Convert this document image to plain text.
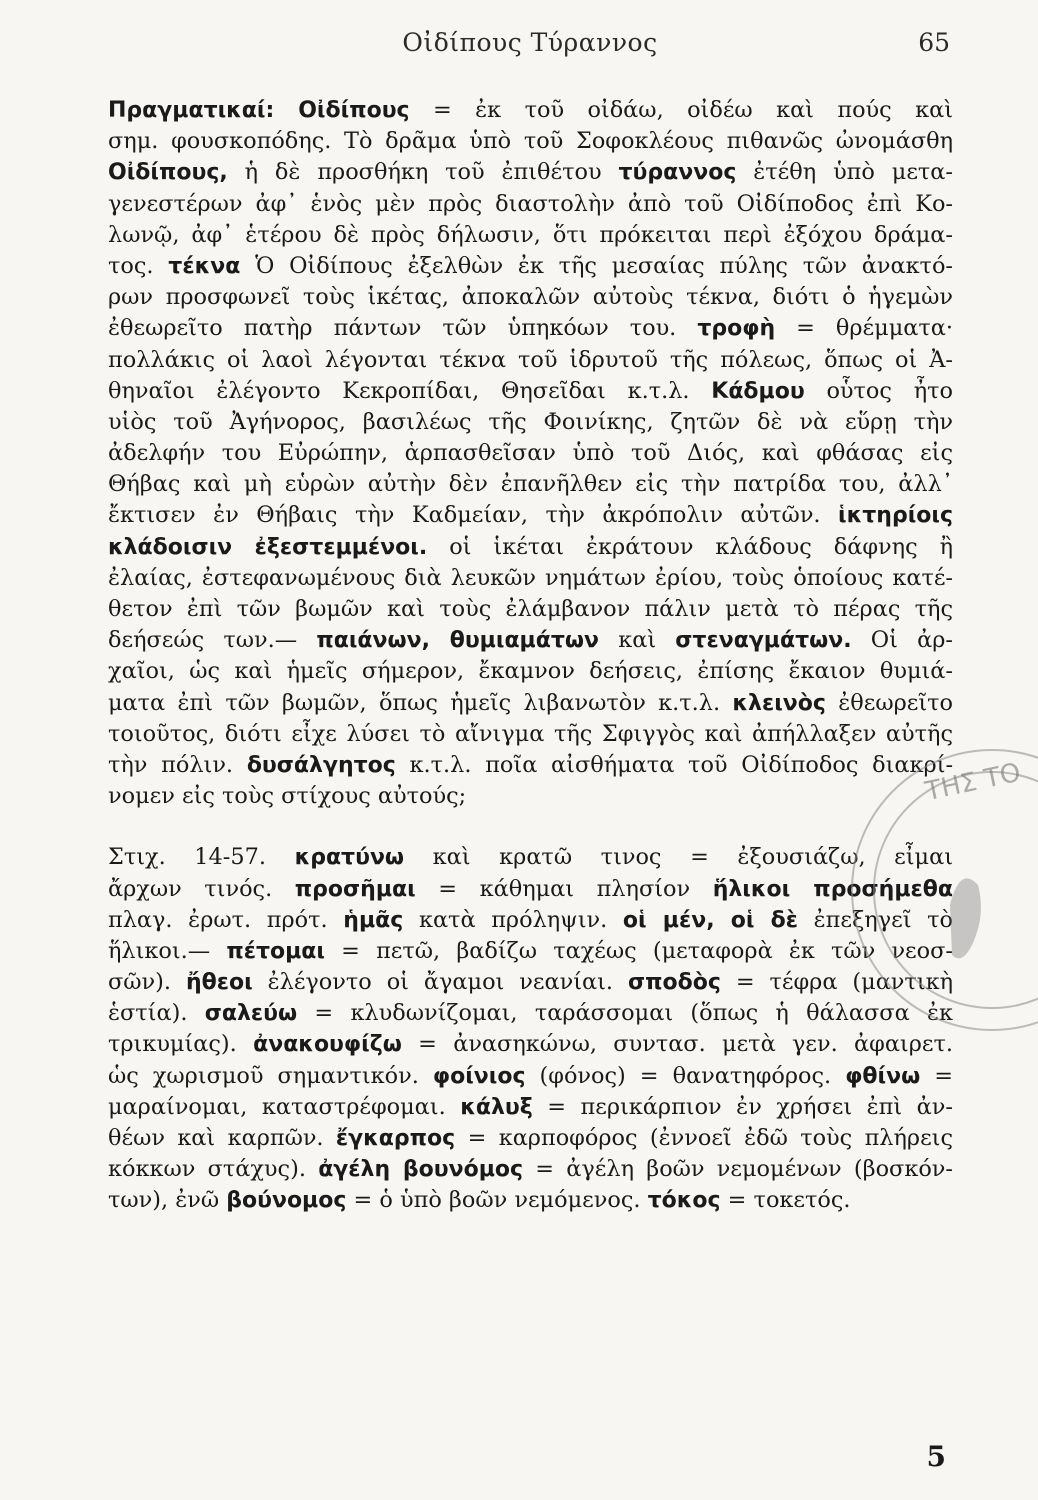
Οἰδίπους Τύραννος	65
Πραγματικαί: Οἰδίπους = ἐκ τοῦ οἰδάω, οἰδέω καὶ πούς καὶ
σημ. φουσκοπόδης. Τὸ δρᾶμα ὑπὸ τοῦ Σοφοκλέους πιθανῶς ὠνομάσθη
Οἰδίπους, ἡ δὲ προσθήκη τοῦ ἐπιθέτου τύραννος ἐτέθη ὑπὸ μετα-
γενεστέρων ἀφ᾽ ἑνὸς μὲν πρὸς διαστολὴν ἀπὸ τοῦ Οἰδίποδος ἐπὶ Κο-
λωνῷ, ἀφ᾽ ἑτέρου δὲ πρὸς δήλωσιν, ὅτι πρόκειται περὶ ἐξόχου δράμα-
τος. τέκνα Ὁ Οἰδίπους ἐξελθὼν ἐκ τῆς μεσαίας πύλης τῶν ἀνακτό-
ρων προσφωνεῖ τοὺς ἱκέτας, ἀποκαλῶν αὐτοὺς τέκνα, διότι ὁ ἡγεμὼν
ἐθεωρεῖτο πατὴρ πάντων τῶν ὑπηκόων του. τροφὴ = θρέμματα·
πολλάκις οἱ λαοὶ λέγονται τέκνα τοῦ ἱδρυτοῦ τῆς πόλεως, ὅπως οἱ Ἀ-
θηναῖοι ἐλέγοντο Κεκροπίδαι, Θησεῖδαι κ.τ.λ. Κάδμου οὗτος ἦτο
υἱὸς τοῦ Ἀγήνορος, βασιλέως τῆς Φοινίκης, ζητῶν δὲ νὰ εὕρῃ τὴν
ἀδελφήν του Εὐρώπην, ἁρπασθεῖσαν ὑπὸ τοῦ Διός, καὶ φθάσας εἰς
Θήβας καὶ μὴ εὑρὼν αὐτὴν δὲν ἐπανῆλθεν εἰς τὴν πατρίδα του, ἀλλ᾽
ἔκτισεν ἐν Θήβαις τὴν Καδμείαν, τὴν ἀκρόπολιν αὐτῶν. ἱκτηρίοις
κλάδοισιν ἐξεστεμμένοι. οἱ ἱκέται ἐκράτουν κλάδους δάφνης ἢ
ἐλαίας, ἐστεφανωμένους διὰ λευκῶν νημάτων ἐρίου, τοὺς ὁποίους κατέ-
θετον ἐπὶ τῶν βωμῶν καὶ τοὺς ἐλάμβανον πάλιν μετὰ τὸ πέρας τῆς
δεήσεώς των.— παιάνων, θυμιαμάτων καὶ στεναγμάτων. Οἱ ἀρ-
χαῖοι, ὡς καὶ ἡμεῖς σήμερον, ἔκαμνον δεήσεις, ἐπίσης ἔκαιον θυμιά-
ματα ἐπὶ τῶν βωμῶν, ὅπως ἡμεῖς λιβανωτὸν κ.τ.λ. κλεινὸς ἐθεωρεῖτο
τοιοῦτος, διότι εἶχε λύσει τὸ αἴνιγμα τῆς Σφιγγὸς καὶ ἀπήλλαξεν αὐτῆς
τὴν πόλιν. δυσάλγητος κ.τ.λ. ποῖα αἰσθήματα τοῦ Οἰδίποδος διακρί-
νομεν εἰς τοὺς στίχους αὐτούς;
Στιχ. 14-57. κρατύνω καὶ κρατῶ τινος = ἐξουσιάζω, εἶμαι
ἄρχων τινός. προσῆμαι = κάθημαι πλησίον ἥλικοι προσήμεθα
πλαγ. ἐρωτ. πρότ. ἡμᾶς κατὰ πρόληψιν. οἱ μέν, οἱ δὲ ἐπεξηγεῖ τὸ
ἥλικοι.— πέτομαι = πετῶ, βαδίζω ταχέως (μεταφορὰ ἐκ τῶν νεοσ-
σῶν). ἤθεοι ἐλέγοντο οἱ ἄγαμοι νεανίαι. σποδὸς = τέφρα (μαντικὴ
ἑστία). σαλεύω = κλυδωνίζομαι, ταράσσομαι (ὅπως ἡ θάλασσα ἐκ
τρικυμίας). ἀνακουφίζω = ἀνασηκώνω, συντασ. μετὰ γεν. ἀφαιρετ.
ὡς χωρισμοῦ σημαντικόν. φοίνιος (φόνος) = θανατηφόρος. φθίνω =
μαραίνομαι, καταστρέφομαι. κάλυξ = περικάρπιον ἐν χρήσει ἐπὶ ἀν-
θέων καὶ καρπῶν. ἔγκαρπος = καρποφόρος (ἐννοεῖ ἐδῶ τοὺς πλήρεις
κόκκων στάχυς). ἀγέλη βουνόμος = ἀγέλη βοῶν νεμομένων (βοσκόν-
των), ἐνῶ βούνομος = ὁ ὑπὸ βοῶν νεμόμενος. τόκος = τοκετός.
ΤΗΣ ΤΟ
5
